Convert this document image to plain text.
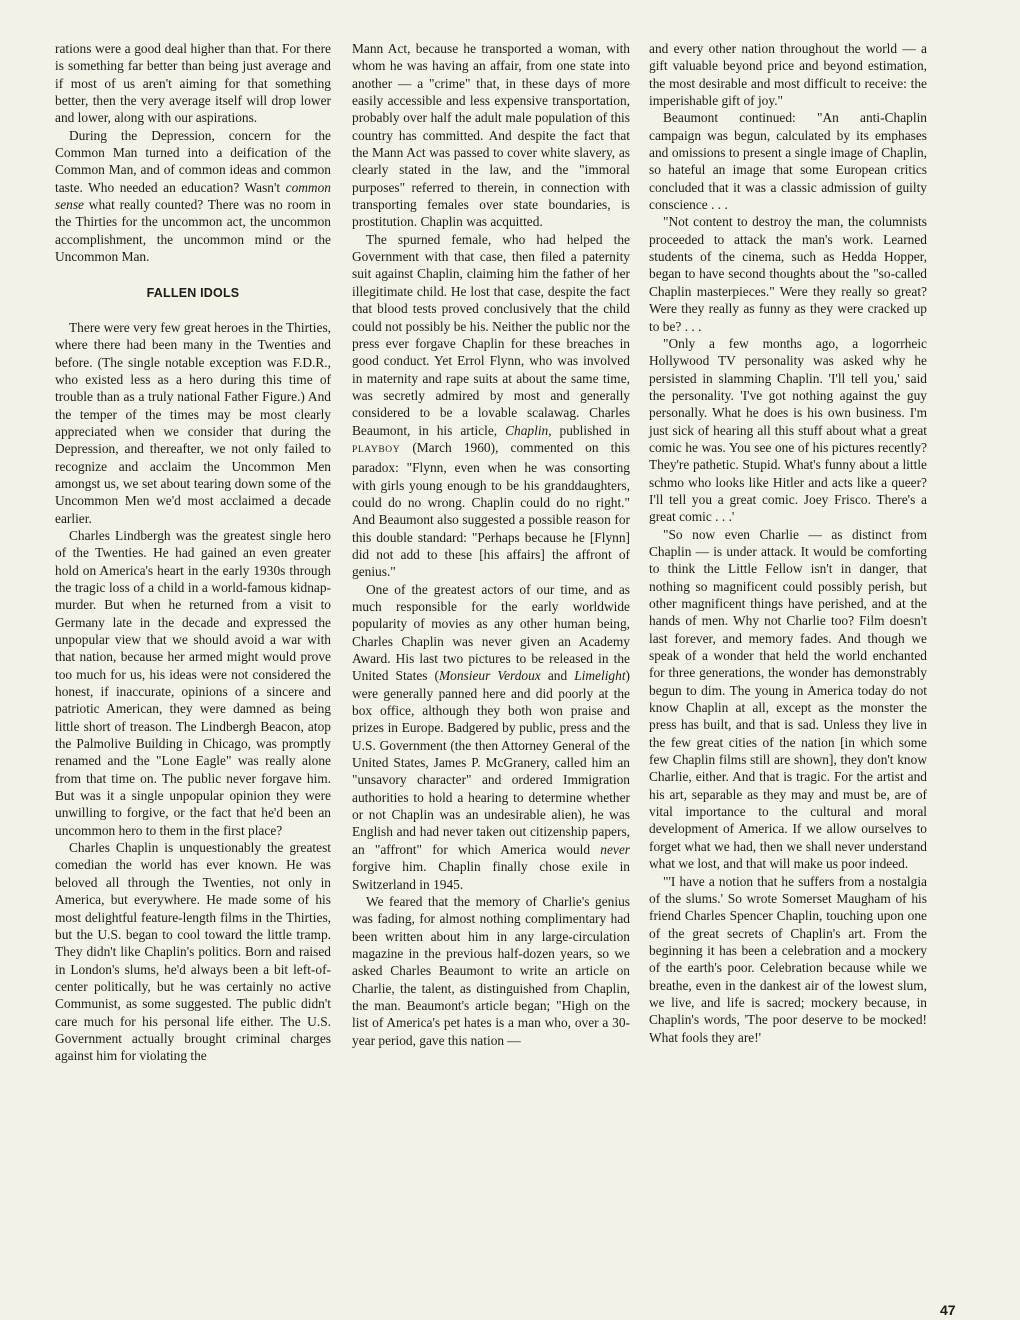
rations were a good deal higher than that. For there is something far better than being just average and if most of us aren't aiming for that something better, then the very average itself will drop lower and lower, along with our aspirations.

During the Depression, concern for the Common Man turned into a deification of the Common Man, and of common ideas and common taste. Who needed an education? Wasn't common sense what really counted? There was no room in the Thirties for the uncommon act, the uncommon accomplishment, the uncommon mind or the Uncommon Man.

FALLEN IDOLS

There were very few great heroes in the Thirties, where there had been many in the Twenties and before. (The single notable exception was F.D.R., who existed less as a hero during this time of trouble than as a truly national Father Figure.) And the temper of the times may be most clearly appreciated when we consider that during the Depression, and thereafter, we not only failed to recognize and acclaim the Uncommon Men amongst us, we set about tearing down some of the Uncommon Men we'd most acclaimed a decade earlier.

Charles Lindbergh was the greatest single hero of the Twenties. He had gained an even greater hold on America's heart in the early 1930s through the tragic loss of a child in a world-famous kidnap-murder. But when he returned from a visit to Germany late in the decade and expressed the unpopular view that we should avoid a war with that nation, because her armed might would prove too much for us, his ideas were not considered the honest, if inaccurate, opinions of a sincere and patriotic American, they were damned as being little short of treason. The Lindbergh Beacon, atop the Palmolive Building in Chicago, was promptly renamed and the "Lone Eagle" was really alone from that time on. The public never forgave him. But was it a single unpopular opinion they were unwilling to forgive, or the fact that he'd been an uncommon hero to them in the first place?

Charles Chaplin is unquestionably the greatest comedian the world has ever known. He was beloved all through the Twenties, not only in America, but everywhere. He made some of his most delightful feature-length films in the Thirties, but the U.S. began to cool toward the little tramp. They didn't like Chaplin's politics. Born and raised in London's slums, he'd always been a bit left-of-center politically, but he was certainly no active Communist, as some suggested. The public didn't care much for his personal life either. The U.S. Government actually brought criminal charges against him for violating the

Mann Act, because he transported a woman, with whom he was having an affair, from one state into another — a "crime" that, in these days of more easily accessible and less expensive transportation, probably over half the adult male population of this country has committed. And despite the fact that the Mann Act was passed to cover white slavery, as clearly stated in the law, and the "immoral purposes" referred to therein, in connection with transporting females over state boundaries, is prostitution. Chaplin was acquitted.

The spurned female, who had helped the Government with that case, then filed a paternity suit against Chaplin, claiming him the father of her illegitimate child. He lost that case, despite the fact that blood tests proved conclusively that the child could not possibly be his. Neither the public nor the press ever forgave Chaplin for these breaches in good conduct. Yet Errol Flynn, who was involved in maternity and rape suits at about the same time, was secretly admired by most and generally considered to be a lovable scalawag. Charles Beaumont, in his article, Chaplin, published in PLAYBOY (March 1960), commented on this paradox: "Flynn, even when he was consorting with girls young enough to be his granddaughters, could do no wrong. Chaplin could do no right." And Beaumont also suggested a possible reason for this double standard: "Perhaps because he [Flynn] did not add to these [his affairs] the affront of genius."

One of the greatest actors of our time, and as much responsible for the early worldwide popularity of movies as any other human being, Charles Chaplin was never given an Academy Award. His last two pictures to be released in the United States (Monsieur Verdoux and Limelight) were generally panned here and did poorly at the box office, although they both won praise and prizes in Europe. Badgered by public, press and the U.S. Government (the then Attorney General of the United States, James P. McGranery, called him an "unsavory character" and ordered Immigration authorities to hold a hearing to determine whether or not Chaplin was an undesirable alien), he was English and had never taken out citizenship papers, an "affront" for which America would never forgive him. Chaplin finally chose exile in Switzerland in 1945.

We feared that the memory of Charlie's genius was fading, for almost nothing complimentary had been written about him in any large-circulation magazine in the previous half-dozen years, so we asked Charles Beaumont to write an article on Charlie, the talent, as distinguished from Chaplin, the man. Beaumont's article began; "High on the list of America's pet hates is a man who, over a 30-year period, gave this nation —

and every other nation throughout the world — a gift valuable beyond price and beyond estimation, the most desirable and most difficult to receive: the imperishable gift of joy."

Beaumont continued: "An anti-Chaplin campaign was begun, calculated by its emphases and omissions to present a single image of Chaplin, so hateful an image that some European critics concluded that it was a classic admission of guilty conscience . . .

"Not content to destroy the man, the columnists proceeded to attack the man's work. Learned students of the cinema, such as Hedda Hopper, began to have second thoughts about the "so-called Chaplin masterpieces." Were they really so great? Were they really as funny as they were cracked up to be? . . .

"Only a few months ago, a logorrheic Hollywood TV personality was asked why he persisted in slamming Chaplin. 'I'll tell you,' said the personality. 'I've got nothing against the guy personally. What he does is his own business. I'm just sick of hearing all this stuff about what a great comic he was. You see one of his pictures recently? They're pathetic. Stupid. What's funny about a little schmo who looks like Hitler and acts like a queer? I'll tell you a great comic. Joey Frisco. There's a great comic . . .'

"So now even Charlie — as distinct from Chaplin — is under attack. It would be comforting to think the Little Fellow isn't in danger, that nothing so magnificent could possibly perish, but other magnificent things have perished, and at the hands of men. Why not Charlie too? Film doesn't last forever, and memory fades. And though we speak of a wonder that held the world enchanted for three generations, the wonder has demonstrably begun to dim. The young in America today do not know Chaplin at all, except as the monster the press has built, and that is sad. Unless they live in the few great cities of the nation [in which some few Chaplin films still are shown], they don't know Charlie, either. And that is tragic. For the artist and his art, separable as they may and must be, are of vital importance to the cultural and moral development of America. If we allow ourselves to forget what we had, then we shall never understand what we lost, and that will make us poor indeed.

"'I have a notion that he suffers from a nostalgia of the slums.' So wrote Somerset Maugham of his friend Charles Spencer Chaplin, touching upon one of the great secrets of Chaplin's art. From the beginning it has been a celebration and a mockery of the earth's poor. Celebration because while we breathe, even in the dankest air of the lowest slum, we live, and life is sacred; mockery because, in Chaplin's words, 'The poor deserve to be mocked! What fools they are!'

47
